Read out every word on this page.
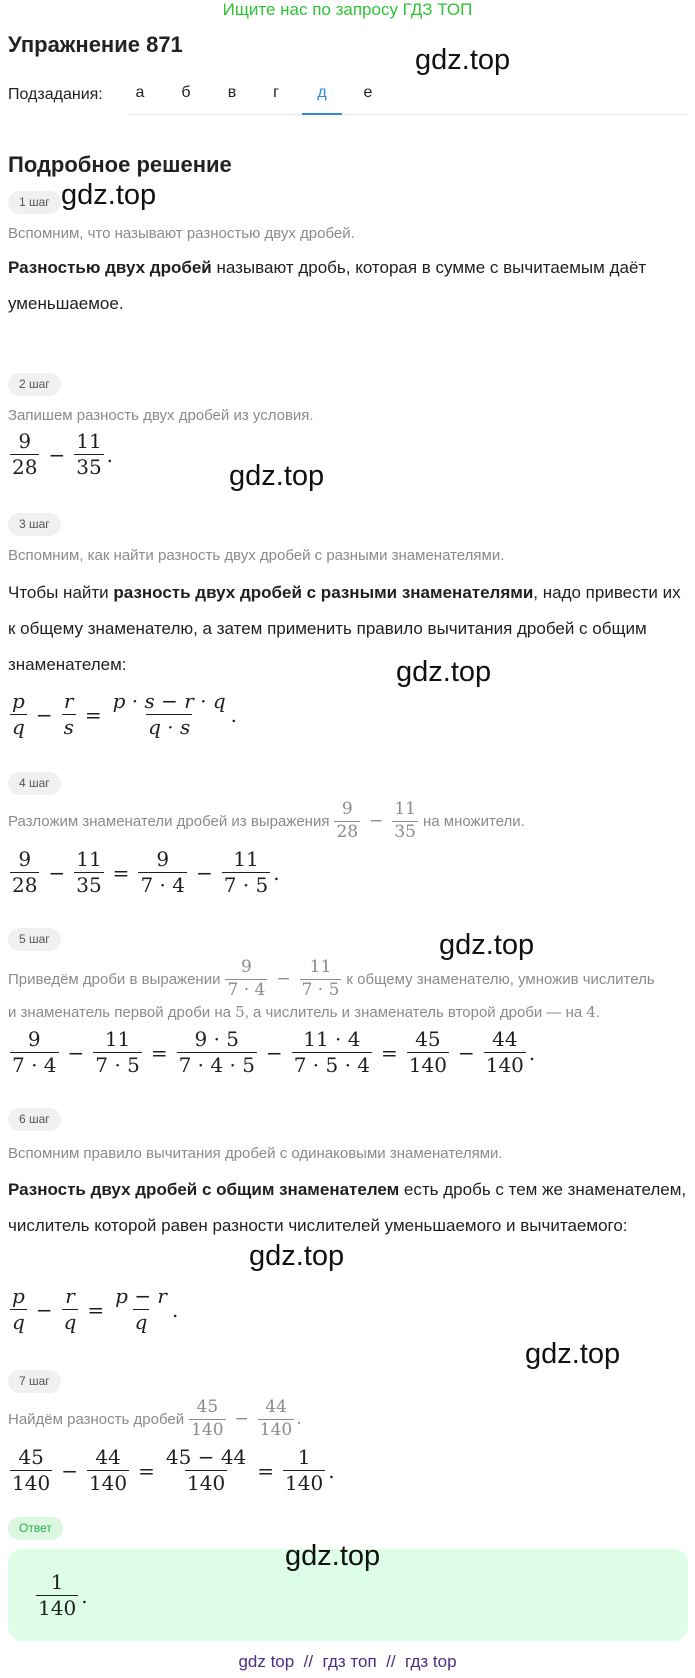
Ищите нас по запросу ГДЗ ТОП
Упражнение 871	gdz.top
Подзадания:	а	б	в	г	д	е
Подробное решение
1 шаг gdz.top
Вспомним, что называют разностью двух дробей.
Разностью двух дробей называют дробь, которая в сумме с вычитаемым даёт уменьшаемое.
2 шаг
Запишем разность двух дробей из условия.
$\frac{9}{28} - \frac{11}{35}$ .
gdz.top
3 шаг
Вспомним, как найти разность двух дробей с разными знаменателями.
Чтобы найти разность двух дробей с разными знаменателями, надо привести их к общему знаменателю, а затем применить правило вычитания дробей с общим знаменателем:	gdz.top
$\frac{p}{q} - \frac{r}{s} = \frac{p \cdot s - r \cdot q}{q \cdot s}$ .
4 шаг
Разложим знаменатели дробей из выражения $\frac{9}{28} - \frac{11}{35}$ на множители.
$\frac{9}{28} - \frac{11}{35} = \frac{9}{7 \cdot 4} - \frac{11}{7 \cdot 5}$ .
5 шаг	gdz.top
Приведём дроби в выражении $\frac{9}{7 \cdot 4} - \frac{11}{7 \cdot 5}$ к общему знаменателю, умножив числитель
и знаменатель первой дроби на 5, а числитель и знаменатель второй дроби — на 4.
$\frac{9}{7 \cdot 4} - \frac{11}{7 \cdot 5} = \frac{9 \cdot 5}{7 \cdot 4 \cdot 5} - \frac{11 \cdot 4}{7 \cdot 5 \cdot 4} = \frac{45}{140} - \frac{44}{140}$ .
6 шаг
Вспомним правило вычитания дробей с одинаковыми знаменателями.
Разность двух дробей с общим знаменателем есть дробь с тем же знаменателем, числитель которой равен разности числителей уменьшаемого и вычитаемого:
gdz.top
$\frac{p}{q} - \frac{r}{q} = \frac{p - r}{q}$ .
gdz.top
7 шаг
Найдём разность дробей $\frac{45}{140} - \frac{44}{140}$ .
$\frac{45}{140} - \frac{44}{140} = \frac{45 - 44}{140} = \frac{1}{140}$ .
Ответ
gdz.top
$\frac{1}{140}$ .
gdz top  //  гдз топ  //  гдз top
